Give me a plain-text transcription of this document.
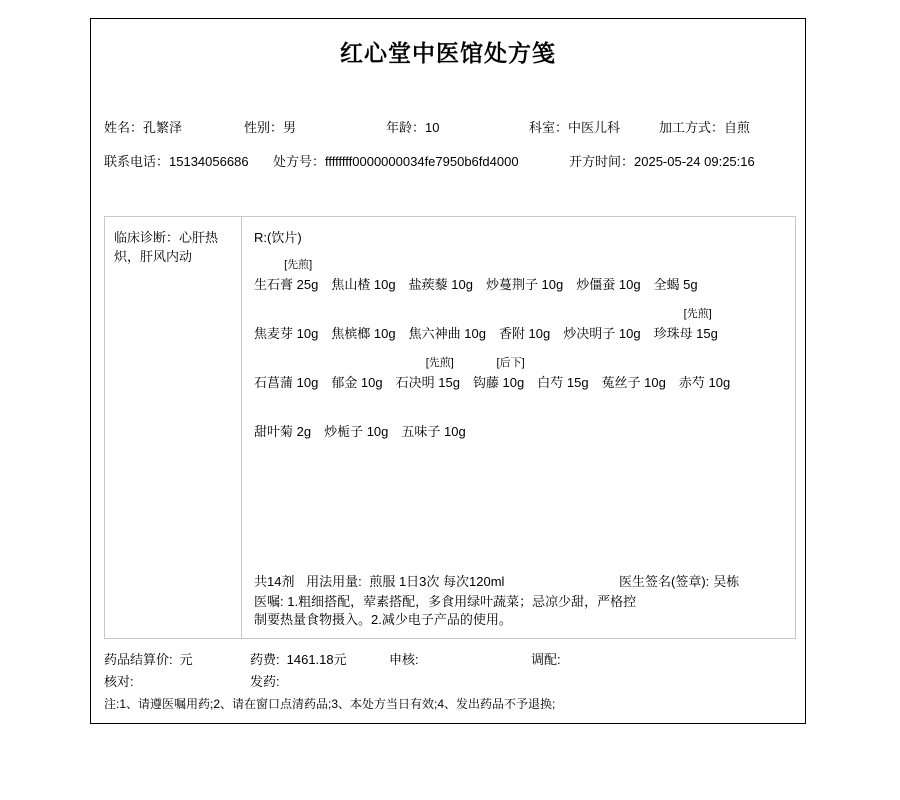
红心堂中医馆处方笺
姓名：孔繁泽	性别：男	年龄：10	科室：中医儿科	加工方式：自煎
联系电话：15134056686 处方号：ffffffff0000000034fe7950b6fd4000	开方时间：2025-05-24 09:25:16
临床诊断：心肝热炽，肝风内动
R:(饮片)
[先煎]
生石膏 25g 焦山楂 10g 盐蒺藜 10g 炒蔓荆子 10g 炒僵蚕 10g 全蝎 5g
焦麦芽 10g 焦槟榔 10g 焦六神曲 10g 香附 10g 炒决明子 10g
[先煎]
珍珠母 15g
石菖蒲 10g 郁金 10g
[先煎]
石决明 15g
[后下]
钩藤 10g 白芍 15g 菟丝子 10g 赤芍 10g
甜叶菊 2g 炒栀子 10g 五味子 10g
共14剂 用法用量: 煎服 1日3次 每次120ml	医生签名(签章): 吴栋
医嘱: 1.粗细搭配，荤素搭配，多食用绿叶蔬菜；忌凉少甜，严格控制要热量食物摄入。2.减少电子产品的使用。
药品结算价: 元	药费: 1461.18元	申核:	调配:
核对:	发药:
注:1、请遵医嘱用药;2、请在窗口点清药品;3、本处方当日有效;4、发出药品不予退换;
